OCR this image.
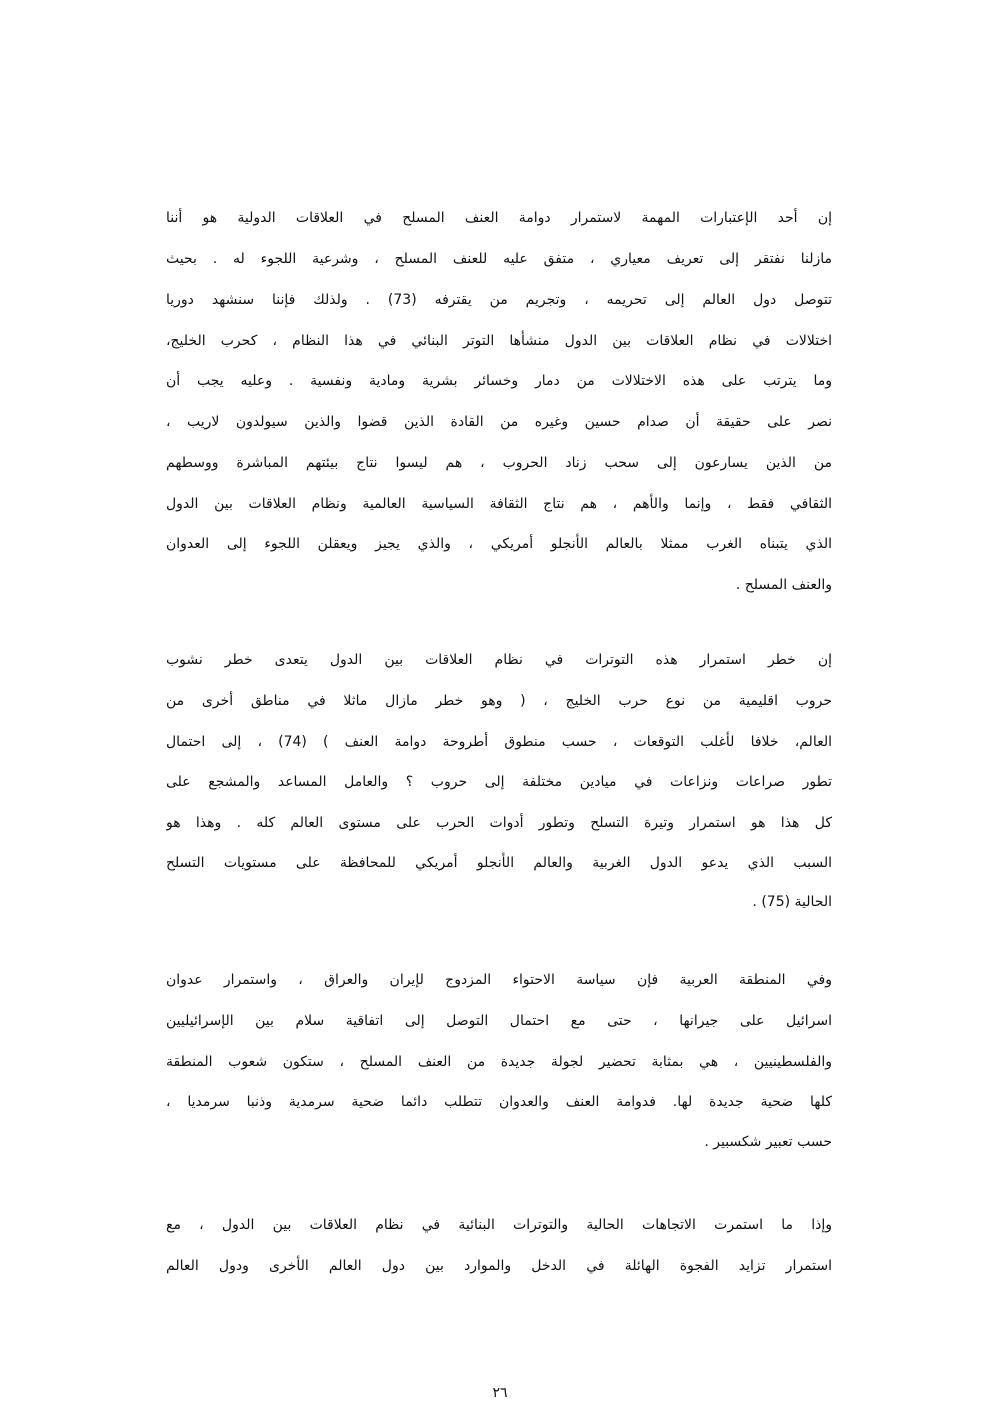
إن أحد الإعتبارات المهمة لاستمرار دوامة العنف المسلح في العلاقات الدولية هو أننا
مازلنا نفتقر إلى تعريف معياري ، متفق عليه للعنف المسلح ، وشرعية اللجوء له . بحيث
تتوصل دول العالم إلى تحريمه ، وتجريم من يقترفه (73) . ولذلك فإننا سنشهد دوريا
اختلالات في نظام العلاقات بين الدول منشأها التوتر البنائي في هذا النظام ، كحرب الخليج،
وما يترتب على هذه الاختلالات من دمار وخسائر بشرية ومادية ونفسية . وعليه يجب أن
نصر على حقيقة أن صدام حسين وغيره من القادة الذين قضوا والذين سيولدون لاريب ،
من الذين يسارعون إلى سحب زناد الحروب ، هم ليسوا نتاج بيئتهم المباشرة ووسطهم
الثقافي فقط ، وإنما والأهم ، هم نتاج الثقافة السياسية العالمية ونظام العلاقات بين الدول
الذي يتبناه الغرب ممثلا بالعالم الأنجلو أمريكي ، والذي يجيز ويعقلن اللجوء إلى العدوان
والعنف المسلح .
إن خطر استمرار هذه التوترات في نظام العلاقات بين الدول يتعدى خطر نشوب
حروب اقليمية من نوع حرب الخليج ، ( وهو خطر مازال ماثلا في مناطق أخرى من
العالم، خلافا لأغلب التوقعات ، حسب منطوق أطروحة دوامة العنف ) (74) ، إلى احتمال
تطور صراعات ونزاعات في ميادين مختلفة إلى حروب ؟ والعامل المساعد والمشجع على
كل هذا هو استمرار وتيرة التسلح وتطور أدوات الحرب على مستوى العالم كله . وهذا هو
السبب الذي يدعو الدول الغربية والعالم الأنجلو أمريكي للمحافظة على مستويات التسلح
الحالية (75) .
وفي المنطقة العربية فإن سياسة الاحتواء المزدوج لإيران والعراق ، واستمرار عدوان
اسرائيل على جيرانها ، حتى مع احتمال التوصل إلى اتفاقية سلام بين الإسرائيليين
والفلسطينيين ، هي بمثابة تحضير لجولة جديدة من العنف المسلح ، ستكون شعوب المنطقة
كلها ضحية جديدة لها. فدوامة العنف والعدوان تتطلب دائما ضحية سرمدية وذنبا سرمديا ،
حسب تعبير شكسبير .
وإذا ما استمرت الاتجاهات الحالية والتوترات البنائية في نظام العلاقات بين الدول ، مع
استمرار تزايد الفجوة الهائلة في الدخل والموارد بين دول العالم الأخرى ودول العالم
٢٦
